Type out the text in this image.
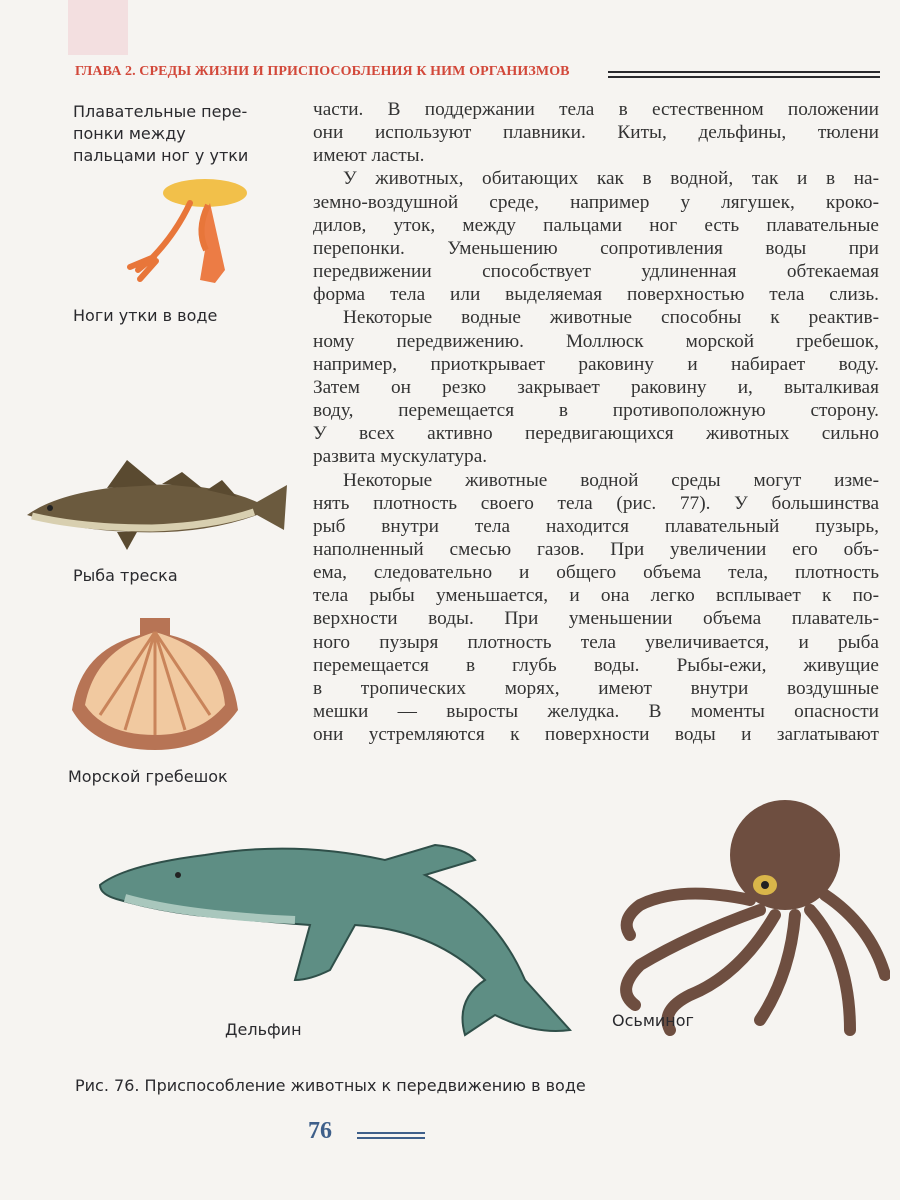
ГЛАВА 2. СРЕДЫ ЖИЗНИ И ПРИСПОСОБЛЕНИЯ К НИМ ОРГАНИЗМОВ
Плавательные пере-
понки между
пальцами ног у утки
Ноги утки в воде
Рыба треска
Морской гребешок
Дельфин	Осьминог
части. В поддержании тела в естественном положении
они используют плавники. Киты, дельфины, тюлени
имеют ласты.
У животных, обитающих как в водной, так и в на-
земно-воздушной среде, например у лягушек, кроко-
дилов, уток, между пальцами ног есть плавательные
перепонки. Уменьшению сопротивления воды при
передвижении способствует удлиненная обтекаемая
форма тела или выделяемая поверхностью тела слизь.
Некоторые водные животные способны к реактив-
ному передвижению. Моллюск морской гребешок,
например, приоткрывает раковину и набирает воду.
Затем он резко закрывает раковину и, выталкивая
воду, перемещается в противоположную сторону.
У всех активно передвигающихся животных сильно
развита мускулатура.
Некоторые животные водной среды могут изме-
нять плотность своего тела (рис. 77). У большинства
рыб внутри тела находится плавательный пузырь,
наполненный смесью газов. При увеличении его объ-
ема, следовательно и общего объема тела, плотность
тела рыбы уменьшается, и она легко всплывает к по-
верхности воды. При уменьшении объема плаватель-
ного пузыря плотность тела увеличивается, и рыба
перемещается в глубь воды. Рыбы-ежи, живущие
в тропических морях, имеют внутри воздушные
мешки — выросты желудка. В моменты опасности
они устремляются к поверхности воды и заглатывают
Рис. 76. Приспособление животных к передвижению в воде
76
